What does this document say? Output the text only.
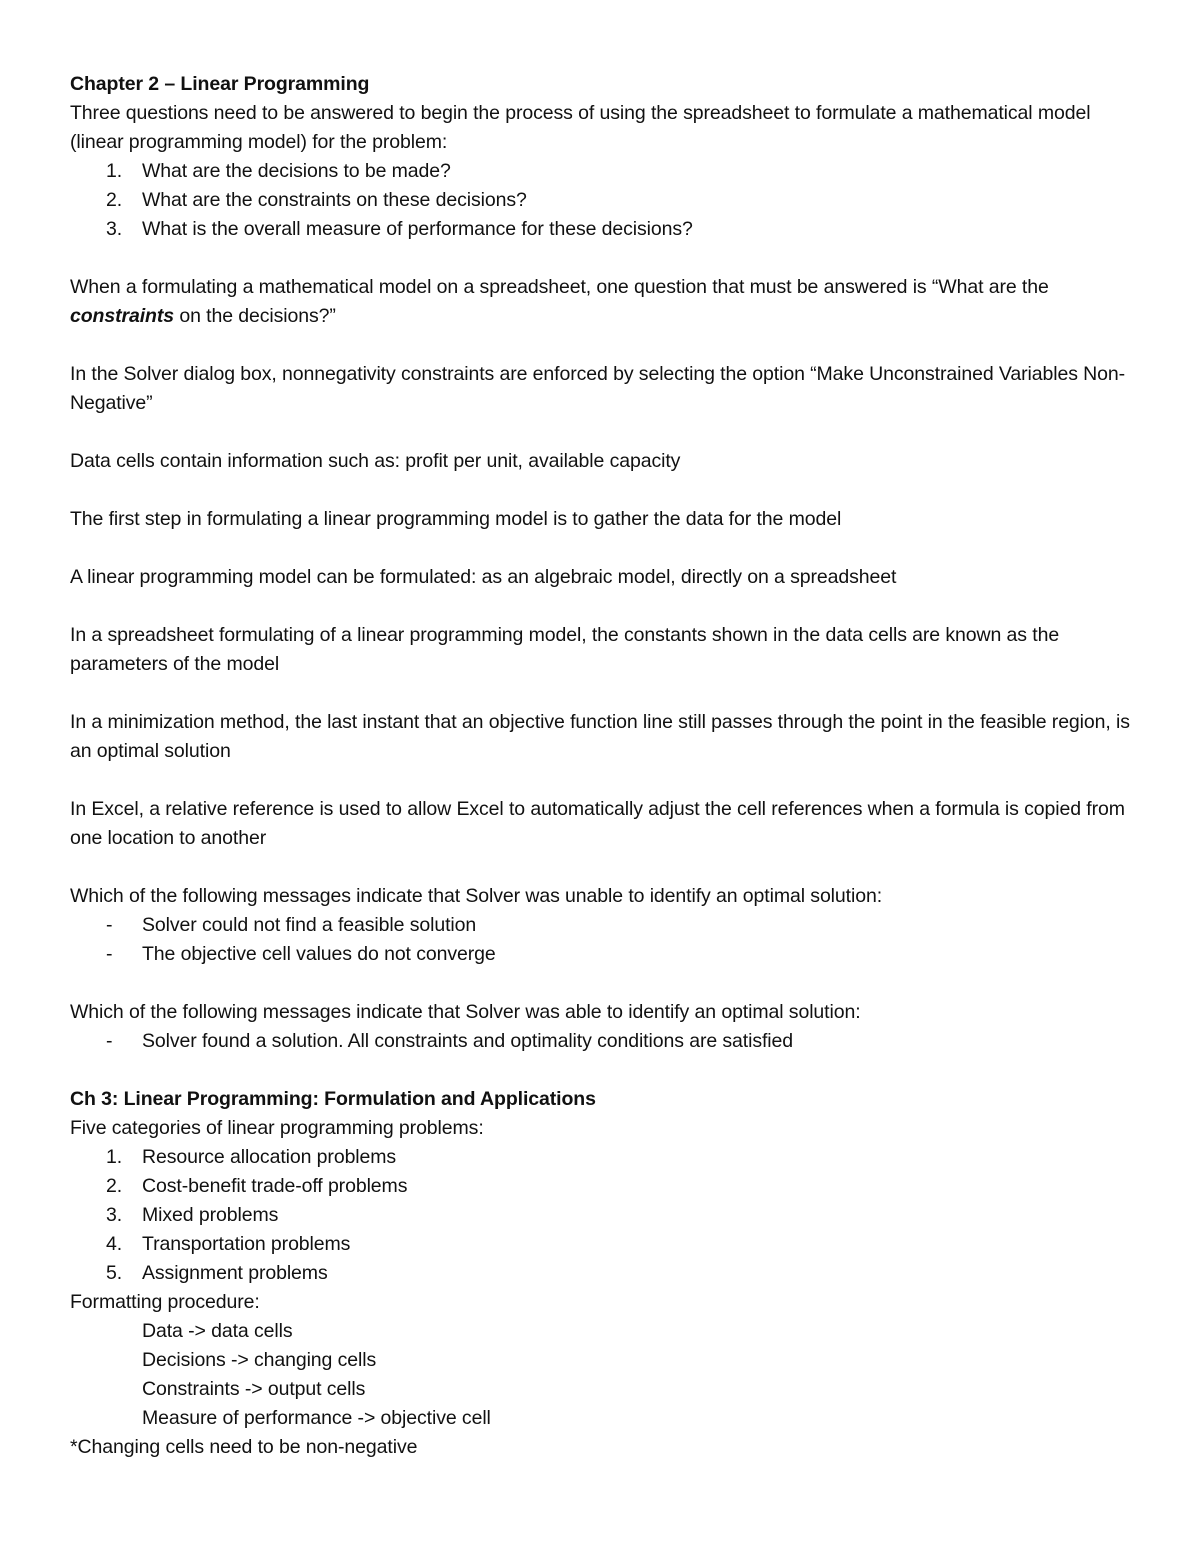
Chapter 2 – Linear Programming
Three questions need to be answered to begin the process of using the spreadsheet to formulate a mathematical model (linear programming model) for the problem:
1.	What are the decisions to be made?
2.	What are the constraints on these decisions?
3.	What is the overall measure of performance for these decisions?
When a formulating a mathematical model on a spreadsheet, one question that must be answered is “What are the constraints on the decisions?”
In the Solver dialog box, nonnegativity constraints are enforced by selecting the option “Make Unconstrained Variables Non-Negative”
Data cells contain information such as: profit per unit, available capacity
The first step in formulating a linear programming model is to gather the data for the model
A linear programming model can be formulated: as an algebraic model, directly on a spreadsheet
In a spreadsheet formulating of a linear programming model, the constants shown in the data cells are known as the parameters of the model
In a minimization method, the last instant that an objective function line still passes through the point in the feasible region, is an optimal solution
In Excel, a relative reference is used to allow Excel to automatically adjust the cell references when a formula is copied from one location to another
Which of the following messages indicate that Solver was unable to identify an optimal solution:
-	Solver could not find a feasible solution
-	The objective cell values do not converge
Which of the following messages indicate that Solver was able to identify an optimal solution:
-	Solver found a solution. All constraints and optimality conditions are satisfied
Ch 3: Linear Programming: Formulation and Applications
Five categories of linear programming problems:
1.	Resource allocation problems
2.	Cost-benefit trade-off problems
3.	Mixed problems
4.	Transportation problems
5.	Assignment problems
Formatting procedure:
Data -> data cells
Decisions -> changing cells
Constraints -> output cells
Measure of performance -> objective cell
*Changing cells need to be non-negative
